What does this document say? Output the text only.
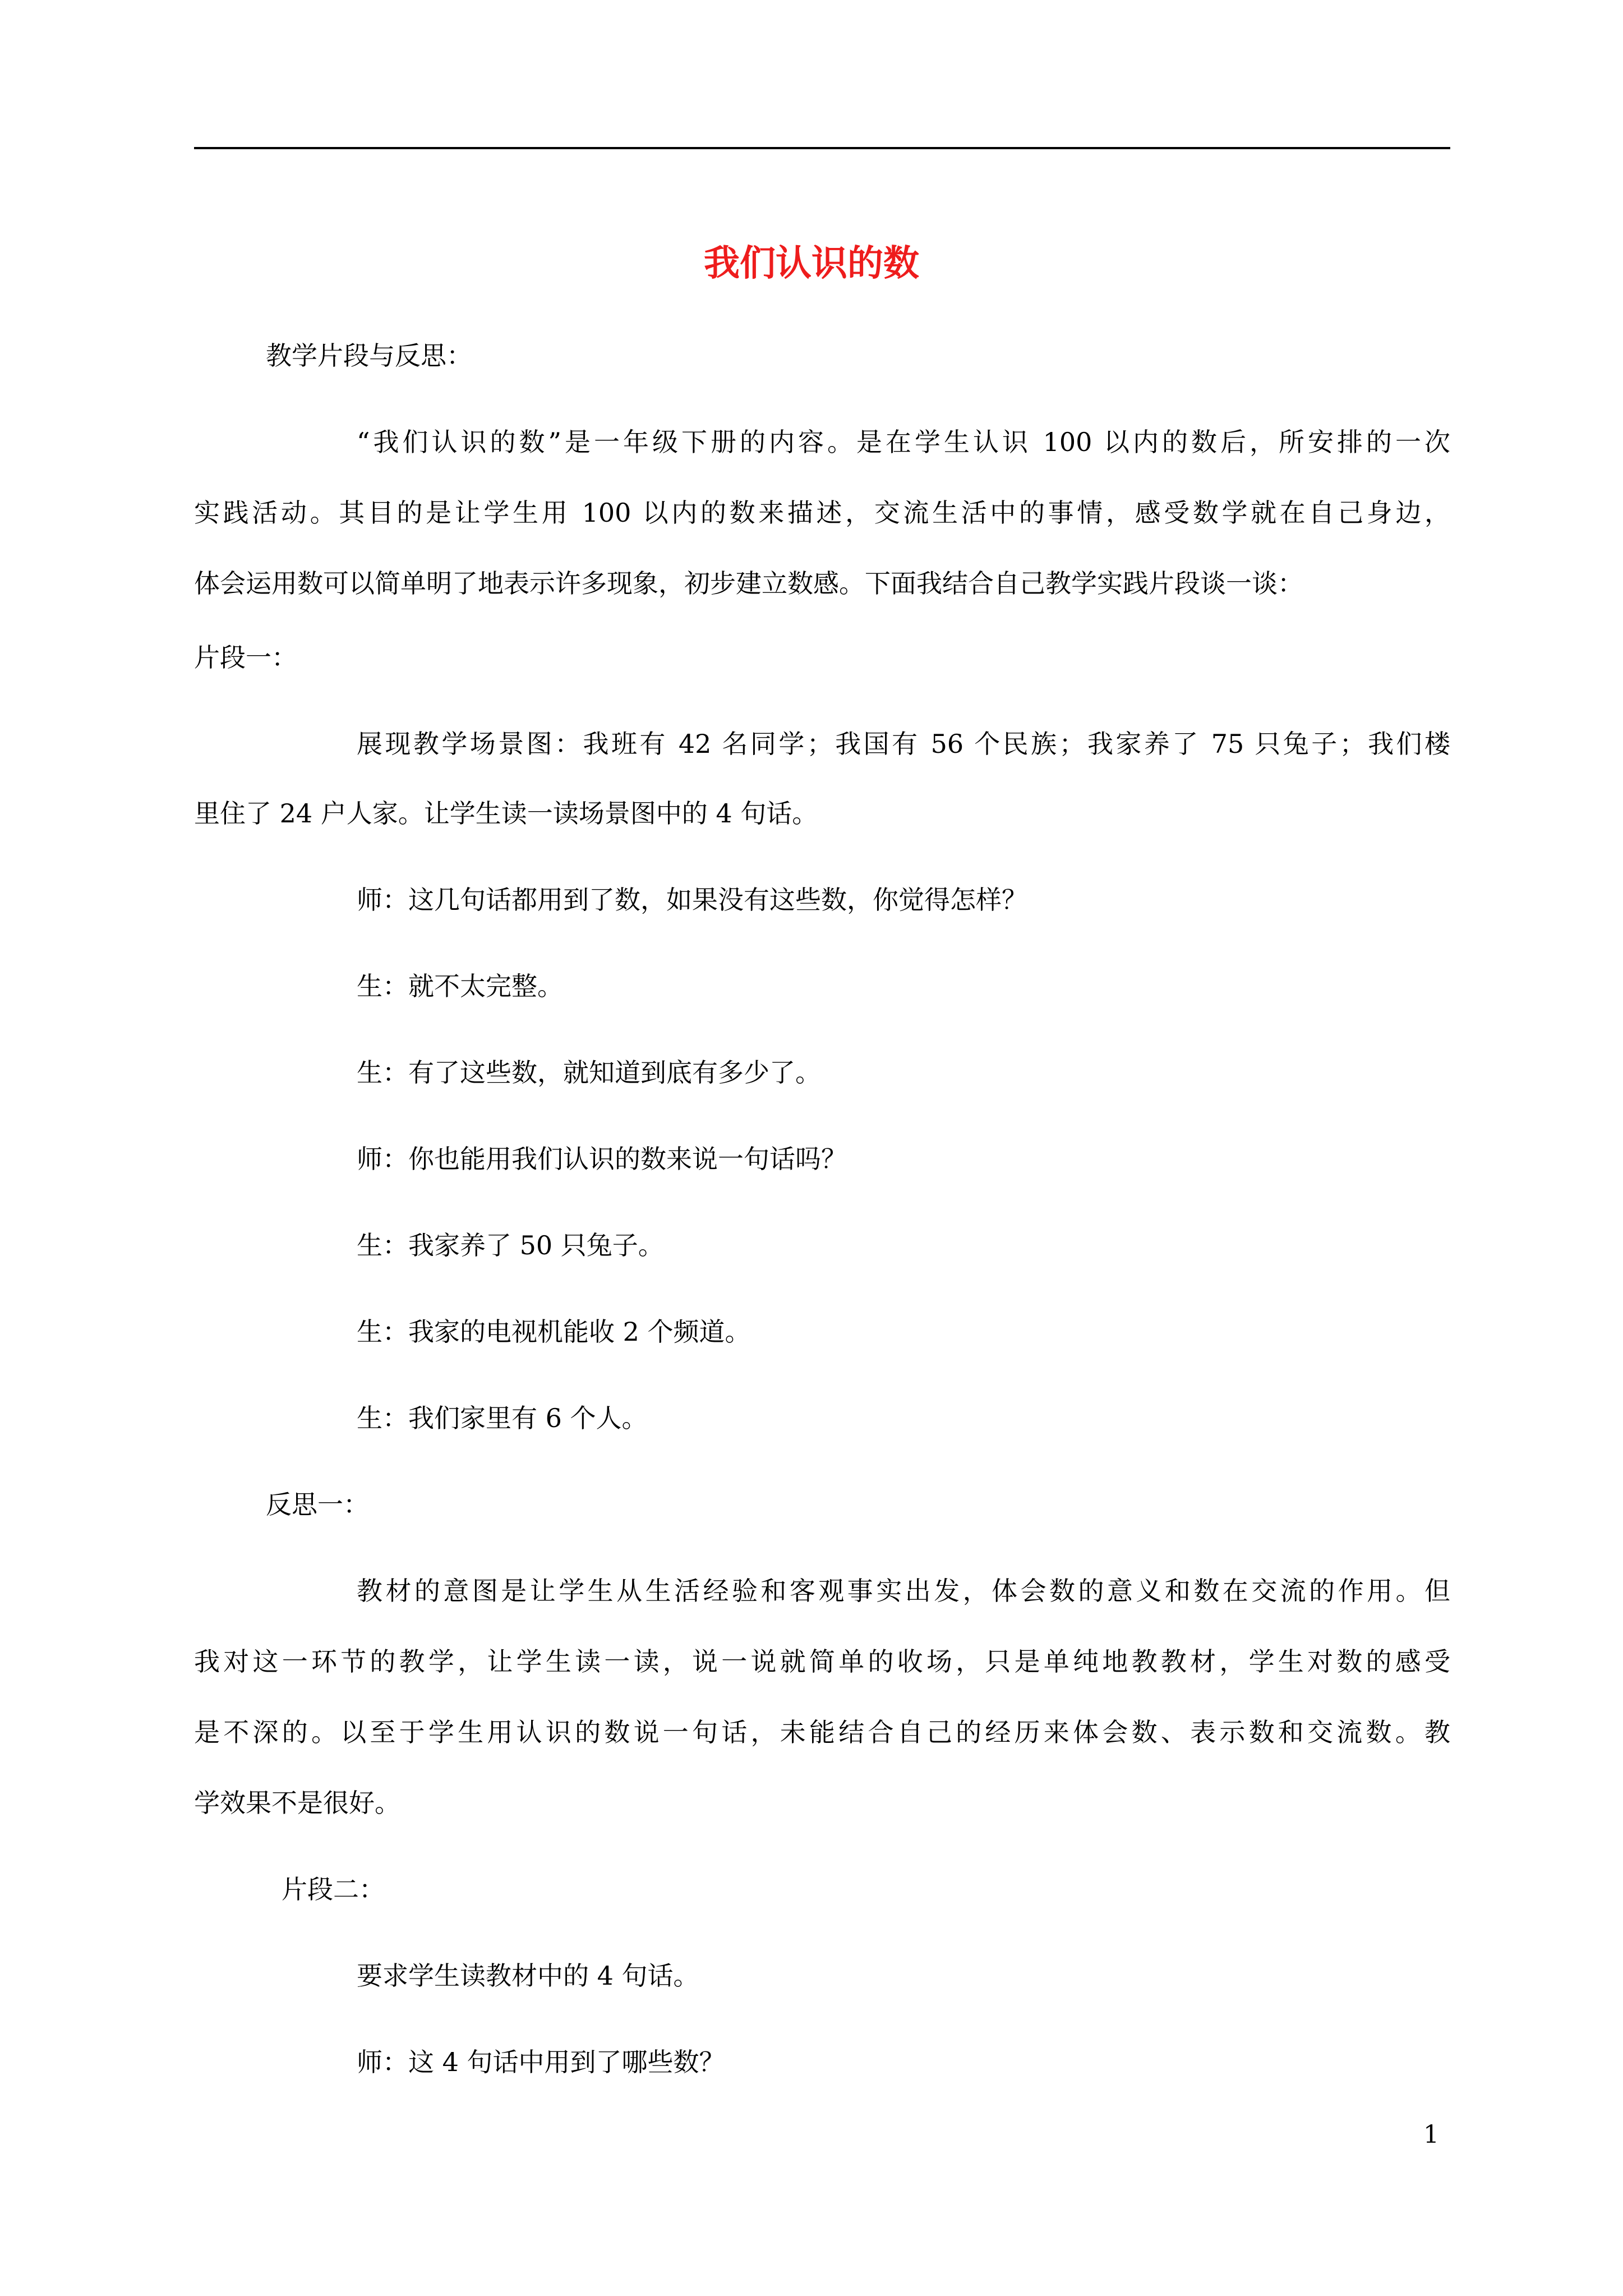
我们认识的数
教学片段与反思：
“我们认识的数”是一年级下册的内容。是在学生认识 100 以内的数后，所安排的一次
实践活动。其目的是让学生用 100 以内的数来描述，交流生活中的事情，感受数学就在自己身边，
体会运用数可以简单明了地表示许多现象，初步建立数感。下面我结合自己教学实践片段谈一谈：
片段一：
展现教学场景图：我班有 42 名同学；我国有 56 个民族；我家养了 75 只兔子；我们楼
里住了 24 户人家。让学生读一读场景图中的 4 句话。
师：这几句话都用到了数，如果没有这些数，你觉得怎样？
生：就不太完整。
生：有了这些数，就知道到底有多少了。
师：你也能用我们认识的数来说一句话吗？
生：我家养了 50 只兔子。
生：我家的电视机能收 2 个频道。
生：我们家里有 6 个人。
反思一：
教材的意图是让学生从生活经验和客观事实出发，体会数的意义和数在交流的作用。但
我对这一环节的教学，让学生读一读，说一说就简单的收场，只是单纯地教教材，学生对数的感受
是不深的。以至于学生用认识的数说一句话，未能结合自己的经历来体会数、表示数和交流数。教
学效果不是很好。
片段二：
要求学生读教材中的 4 句话。
师：这 4 句话中用到了哪些数？
1
